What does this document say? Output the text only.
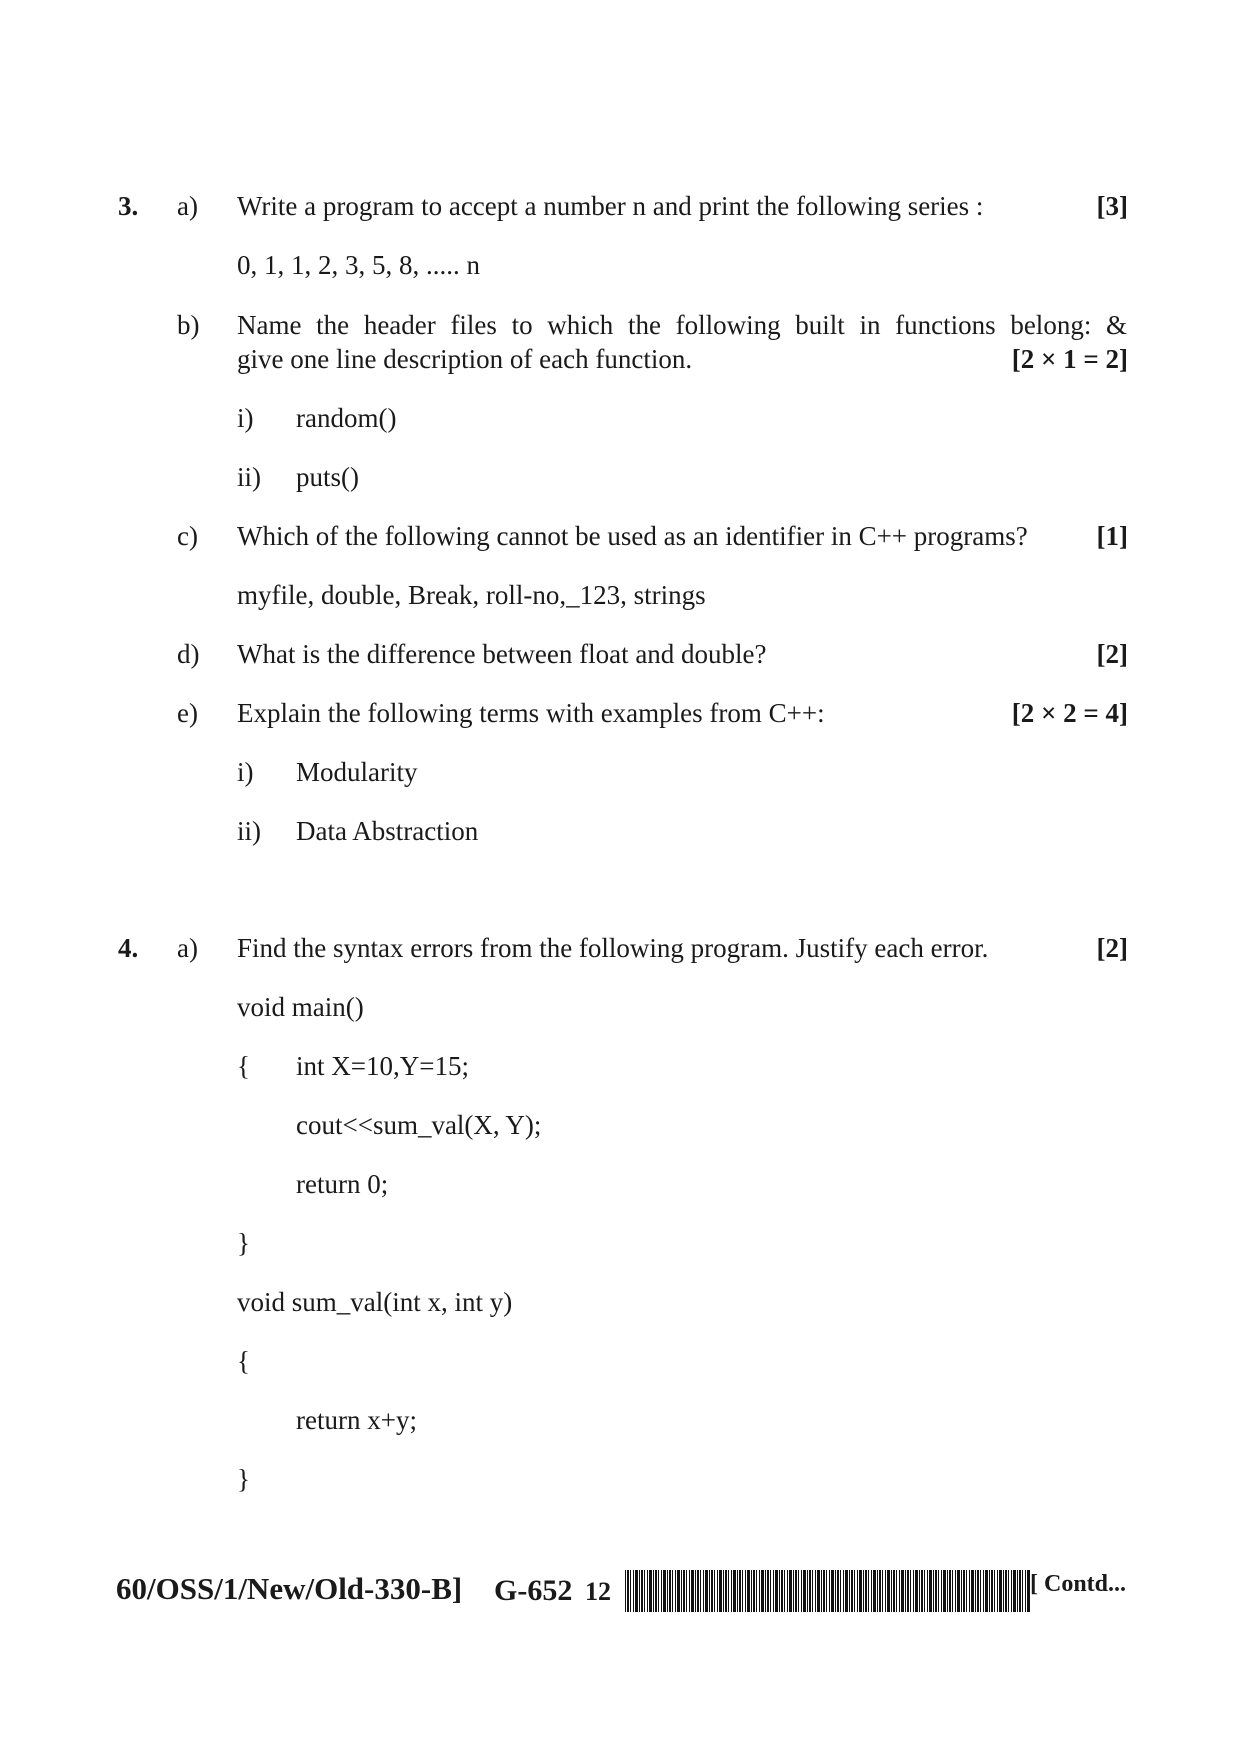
3. a) Write a program to accept a number n and print the following series :	[3]
0, 1, 1, 2, 3, 5, 8, ..... n
b) Name the header files to which the following built in functions belong: &
give one line description of each function.	[2 × 1 = 2]
i) random()
ii) puts()
c) Which of the following cannot be used as an identifier in C++ programs?	[1]
myfile, double, Break, roll-no,_123, strings
d) What is the difference between float and double?	[2]
e) Explain the following terms with examples from C++:	[2 × 2 = 4]
i) Modularity
ii) Data Abstraction
4. a) Find the syntax errors from the following program. Justify each error.	[2]
void main()
{ int X=10,Y=15;
cout<<sum_val(X, Y);
return 0;
}
void sum_val(int x, int y)
{
return x+y;
}
60/OSS/1/New/Old-330-B] G-652 12	[ Contd...
